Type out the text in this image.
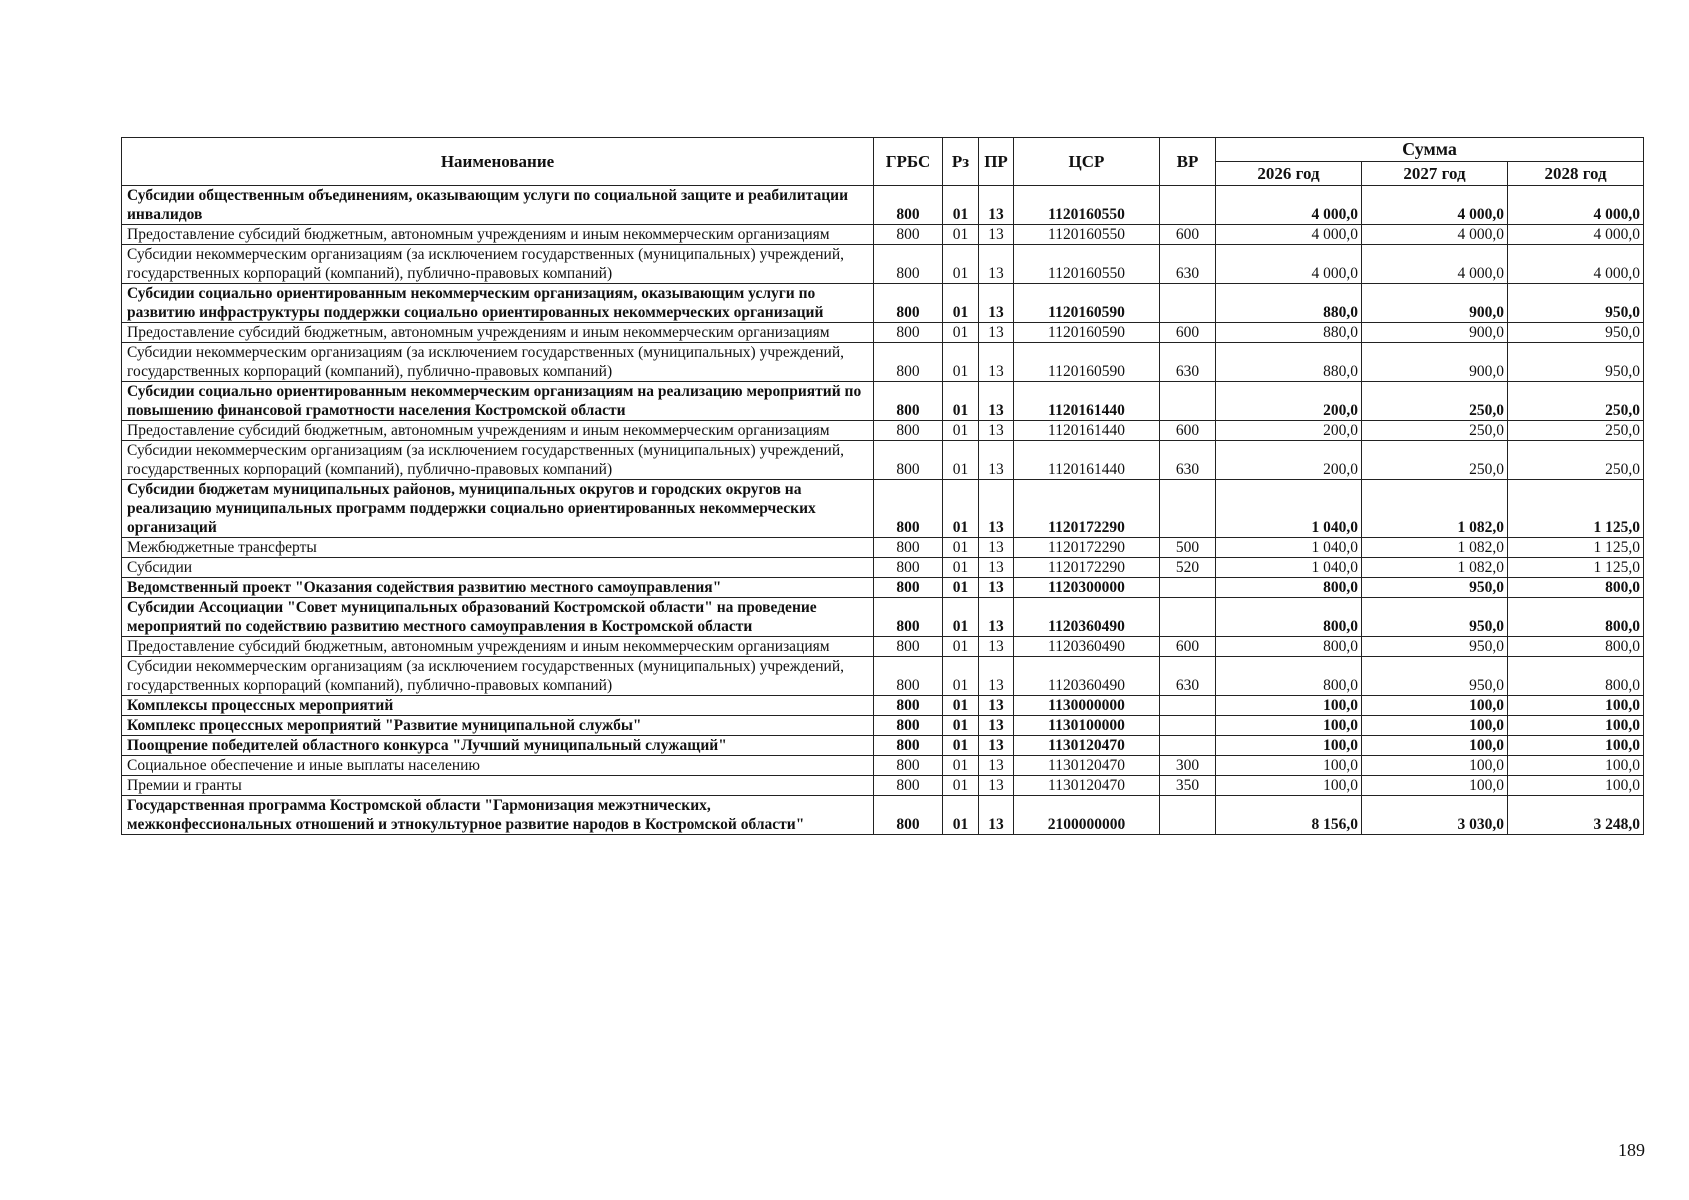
Наименование	ГРБС	Рз	ПР	ЦСР	ВР	Сумма		
						2026 год	2027 год	2028 год
Субсидии общественным объединениям, оказывающим услуги по социальной защите и реабилитации инвалидов	800	01	13	1120160550		4 000,0	4 000,0	4 000,0
Предоставление субсидий бюджетным, автономным учреждениям и иным некоммерческим организациям	800	01	13	1120160550	600	4 000,0	4 000,0	4 000,0
Субсидии некоммерческим организациям (за исключением государственных (муниципальных) учреждений, государственных корпораций (компаний), публично-правовых компаний)	800	01	13	1120160550	630	4 000,0	4 000,0	4 000,0
Субсидии социально ориентированным некоммерческим организациям, оказывающим услуги по развитию инфраструктуры поддержки социально ориентированных некоммерческих организаций	800	01	13	1120160590		880,0	900,0	950,0
Предоставление субсидий бюджетным, автономным учреждениям и иным некоммерческим организациям	800	01	13	1120160590	600	880,0	900,0	950,0
Субсидии некоммерческим организациям (за исключением государственных (муниципальных) учреждений, государственных корпораций (компаний), публично-правовых компаний)	800	01	13	1120160590	630	880,0	900,0	950,0
Субсидии социально ориентированным некоммерческим организациям на реализацию мероприятий по повышению финансовой грамотности населения Костромской области	800	01	13	1120161440		200,0	250,0	250,0
Предоставление субсидий бюджетным, автономным учреждениям и иным некоммерческим организациям	800	01	13	1120161440	600	200,0	250,0	250,0
Субсидии некоммерческим организациям (за исключением государственных (муниципальных) учреждений, государственных корпораций (компаний), публично-правовых компаний)	800	01	13	1120161440	630	200,0	250,0	250,0
Субсидии бюджетам муниципальных районов, муниципальных округов и городских округов на реализацию муниципальных программ поддержки социально ориентированных некоммерческих организаций	800	01	13	1120172290		1 040,0	1 082,0	1 125,0
Межбюджетные трансферты	800	01	13	1120172290	500	1 040,0	1 082,0	1 125,0
Субсидии	800	01	13	1120172290	520	1 040,0	1 082,0	1 125,0
Ведомственный проект "Оказания содействия развитию местного самоуправления"	800	01	13	1120300000		800,0	950,0	800,0
Субсидии Ассоциации "Совет муниципальных образований Костромской области" на проведение мероприятий по содействию развитию местного самоуправления в Костромской области	800	01	13	1120360490		800,0	950,0	800,0
Предоставление субсидий бюджетным, автономным учреждениям и иным некоммерческим организациям	800	01	13	1120360490	600	800,0	950,0	800,0
Субсидии некоммерческим организациям (за исключением государственных (муниципальных) учреждений, государственных корпораций (компаний), публично-правовых компаний)	800	01	13	1120360490	630	800,0	950,0	800,0
Комплексы процессных мероприятий	800	01	13	1130000000		100,0	100,0	100,0
Комплекс процессных мероприятий "Развитие муниципальной службы"	800	01	13	1130100000		100,0	100,0	100,0
Поощрение победителей областного конкурса "Лучший муниципальный служащий"	800	01	13	1130120470		100,0	100,0	100,0
Социальное обеспечение и иные выплаты населению	800	01	13	1130120470	300	100,0	100,0	100,0
Премии и гранты	800	01	13	1130120470	350	100,0	100,0	100,0
Государственная программа Костромской области "Гармонизация межэтнических, межконфессиональных отношений и этнокультурное развитие народов в Костромской области"	800	01	13	2100000000		8 156,0	3 030,0	3 248,0
189
